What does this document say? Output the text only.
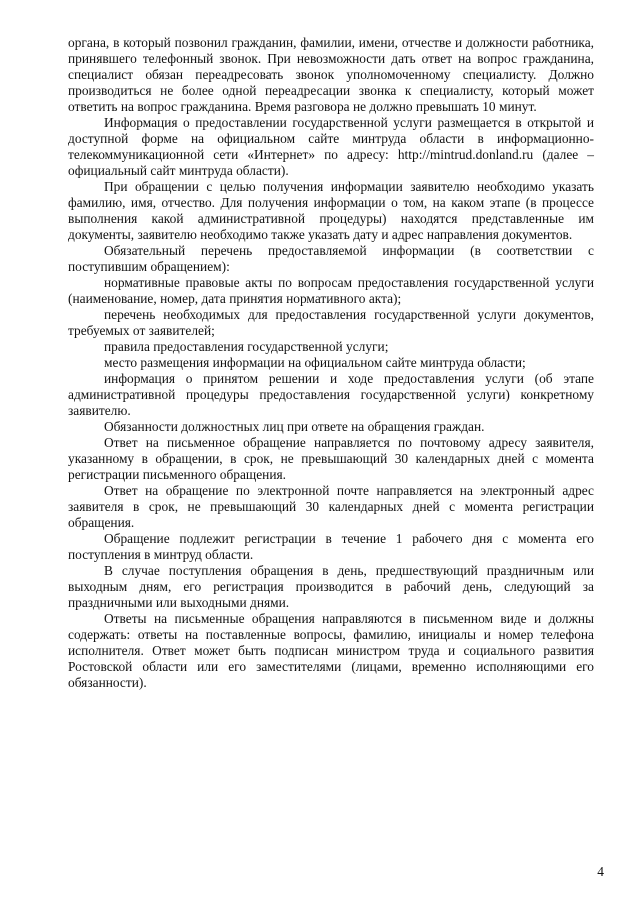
органа, в который позвонил гражданин, фамилии, имени, отчестве и должности работника, принявшего телефонный звонок. При невозможности дать ответ на вопрос гражданина, специалист обязан переадресовать звонок уполномоченному специалисту. Должно производиться не более одной переадресации звонка к специалисту, который может ответить на вопрос гражданина. Время разговора не должно превышать 10 минут.

Информация о предоставлении государственной услуги размещается в открытой и доступной форме на официальном сайте минтруда области в информационно-телекоммуникационной сети «Интернет» по адресу: http://mintrud.donland.ru (далее – официальный сайт минтруда области).

При обращении с целью получения информации заявителю необходимо указать фамилию, имя, отчество. Для получения информации о том, на каком этапе (в процессе выполнения какой административной процедуры) находятся представленные им документы, заявителю необходимо также указать дату и адрес направления документов.

Обязательный перечень предоставляемой информации (в соответствии с поступившим обращением):

нормативные правовые акты по вопросам предоставления государственной услуги (наименование, номер, дата принятия нормативного акта);

перечень необходимых для предоставления государственной услуги документов, требуемых от заявителей;

правила предоставления государственной услуги;

место размещения информации на официальном сайте минтруда области;

информация о принятом решении и ходе предоставления услуги (об этапе административной процедуры предоставления государственной услуги) конкретному заявителю.

Обязанности должностных лиц при ответе на обращения граждан.

Ответ на письменное обращение направляется по почтовому адресу заявителя, указанному в обращении, в срок, не превышающий 30 календарных дней с момента регистрации письменного обращения.

Ответ на обращение по электронной почте направляется на электронный адрес заявителя в срок, не превышающий 30 календарных дней с момента регистрации обращения.

Обращение подлежит регистрации в течение 1 рабочего дня с момента его поступления в минтруд области.

В случае поступления обращения в день, предшествующий праздничным или выходным дням, его регистрация производится в рабочий день, следующий за праздничными или выходными днями.

Ответы на письменные обращения направляются в письменном виде и должны содержать: ответы на поставленные вопросы, фамилию, инициалы и номер телефона исполнителя. Ответ может быть подписан министром труда и социального развития Ростовской области или его заместителями (лицами, временно исполняющими его обязанности).

4
